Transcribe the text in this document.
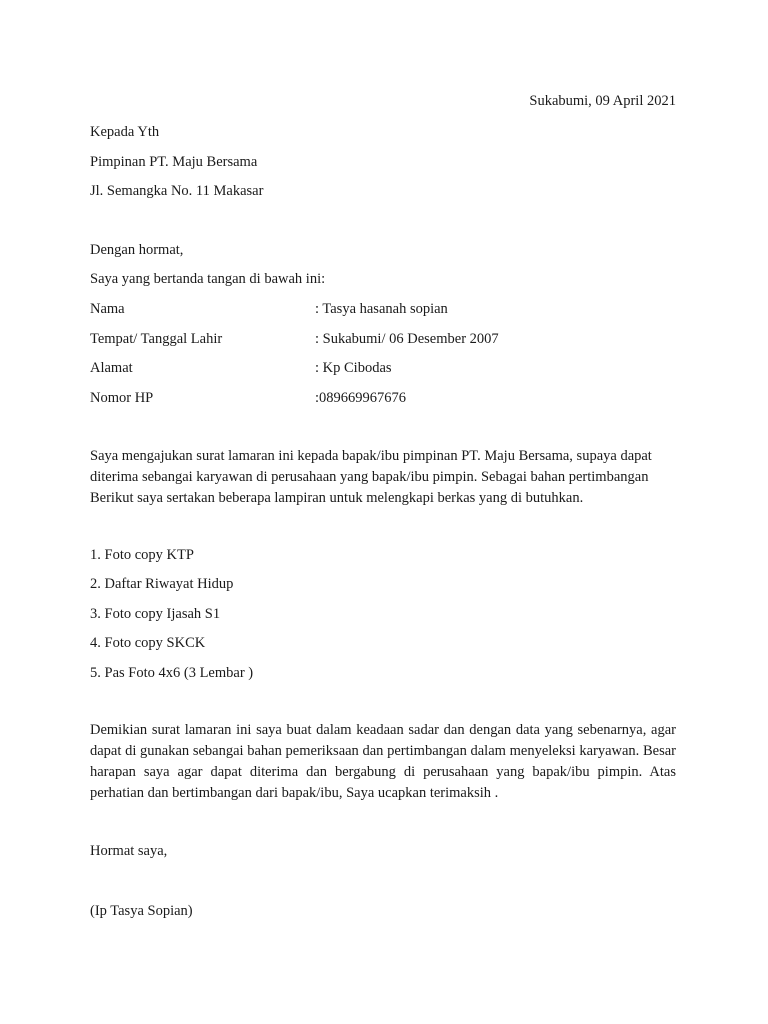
Sukabumi, 09 April 2021
Kepada Yth
Pimpinan PT. Maju Bersama
Jl. Semangka No. 11 Makasar
Dengan hormat,
Saya yang bertanda tangan di bawah ini:
Nama	: Tasya hasanah sopian
Tempat/ Tanggal Lahir	: Sukabumi/ 06 Desember 2007
Alamat	: Kp Cibodas
Nomor HP	:089669967676
Saya mengajukan surat lamaran ini kepada bapak/ibu pimpinan PT. Maju Bersama, supaya dapat diterima sebangai karyawan di perusahaan yang bapak/ibu pimpin. Sebagai bahan pertimbangan Berikut saya sertakan beberapa lampiran untuk melengkapi berkas yang di butuhkan.
1. Foto copy KTP
2. Daftar Riwayat Hidup
3. Foto copy Ijasah S1
4. Foto copy SKCK
5. Pas Foto 4x6 (3 Lembar )
Demikian surat lamaran ini saya buat dalam keadaan sadar dan dengan data yang sebenarnya, agar dapat di gunakan sebangai bahan pemeriksaan dan pertimbangan dalam menyeleksi karyawan. Besar harapan saya agar dapat diterima dan bergabung di perusahaan yang bapak/ibu pimpin. Atas perhatian dan bertimbangan dari bapak/ibu, Saya ucapkan terimaksih .
Hormat saya,
(Ip Tasya Sopian)
